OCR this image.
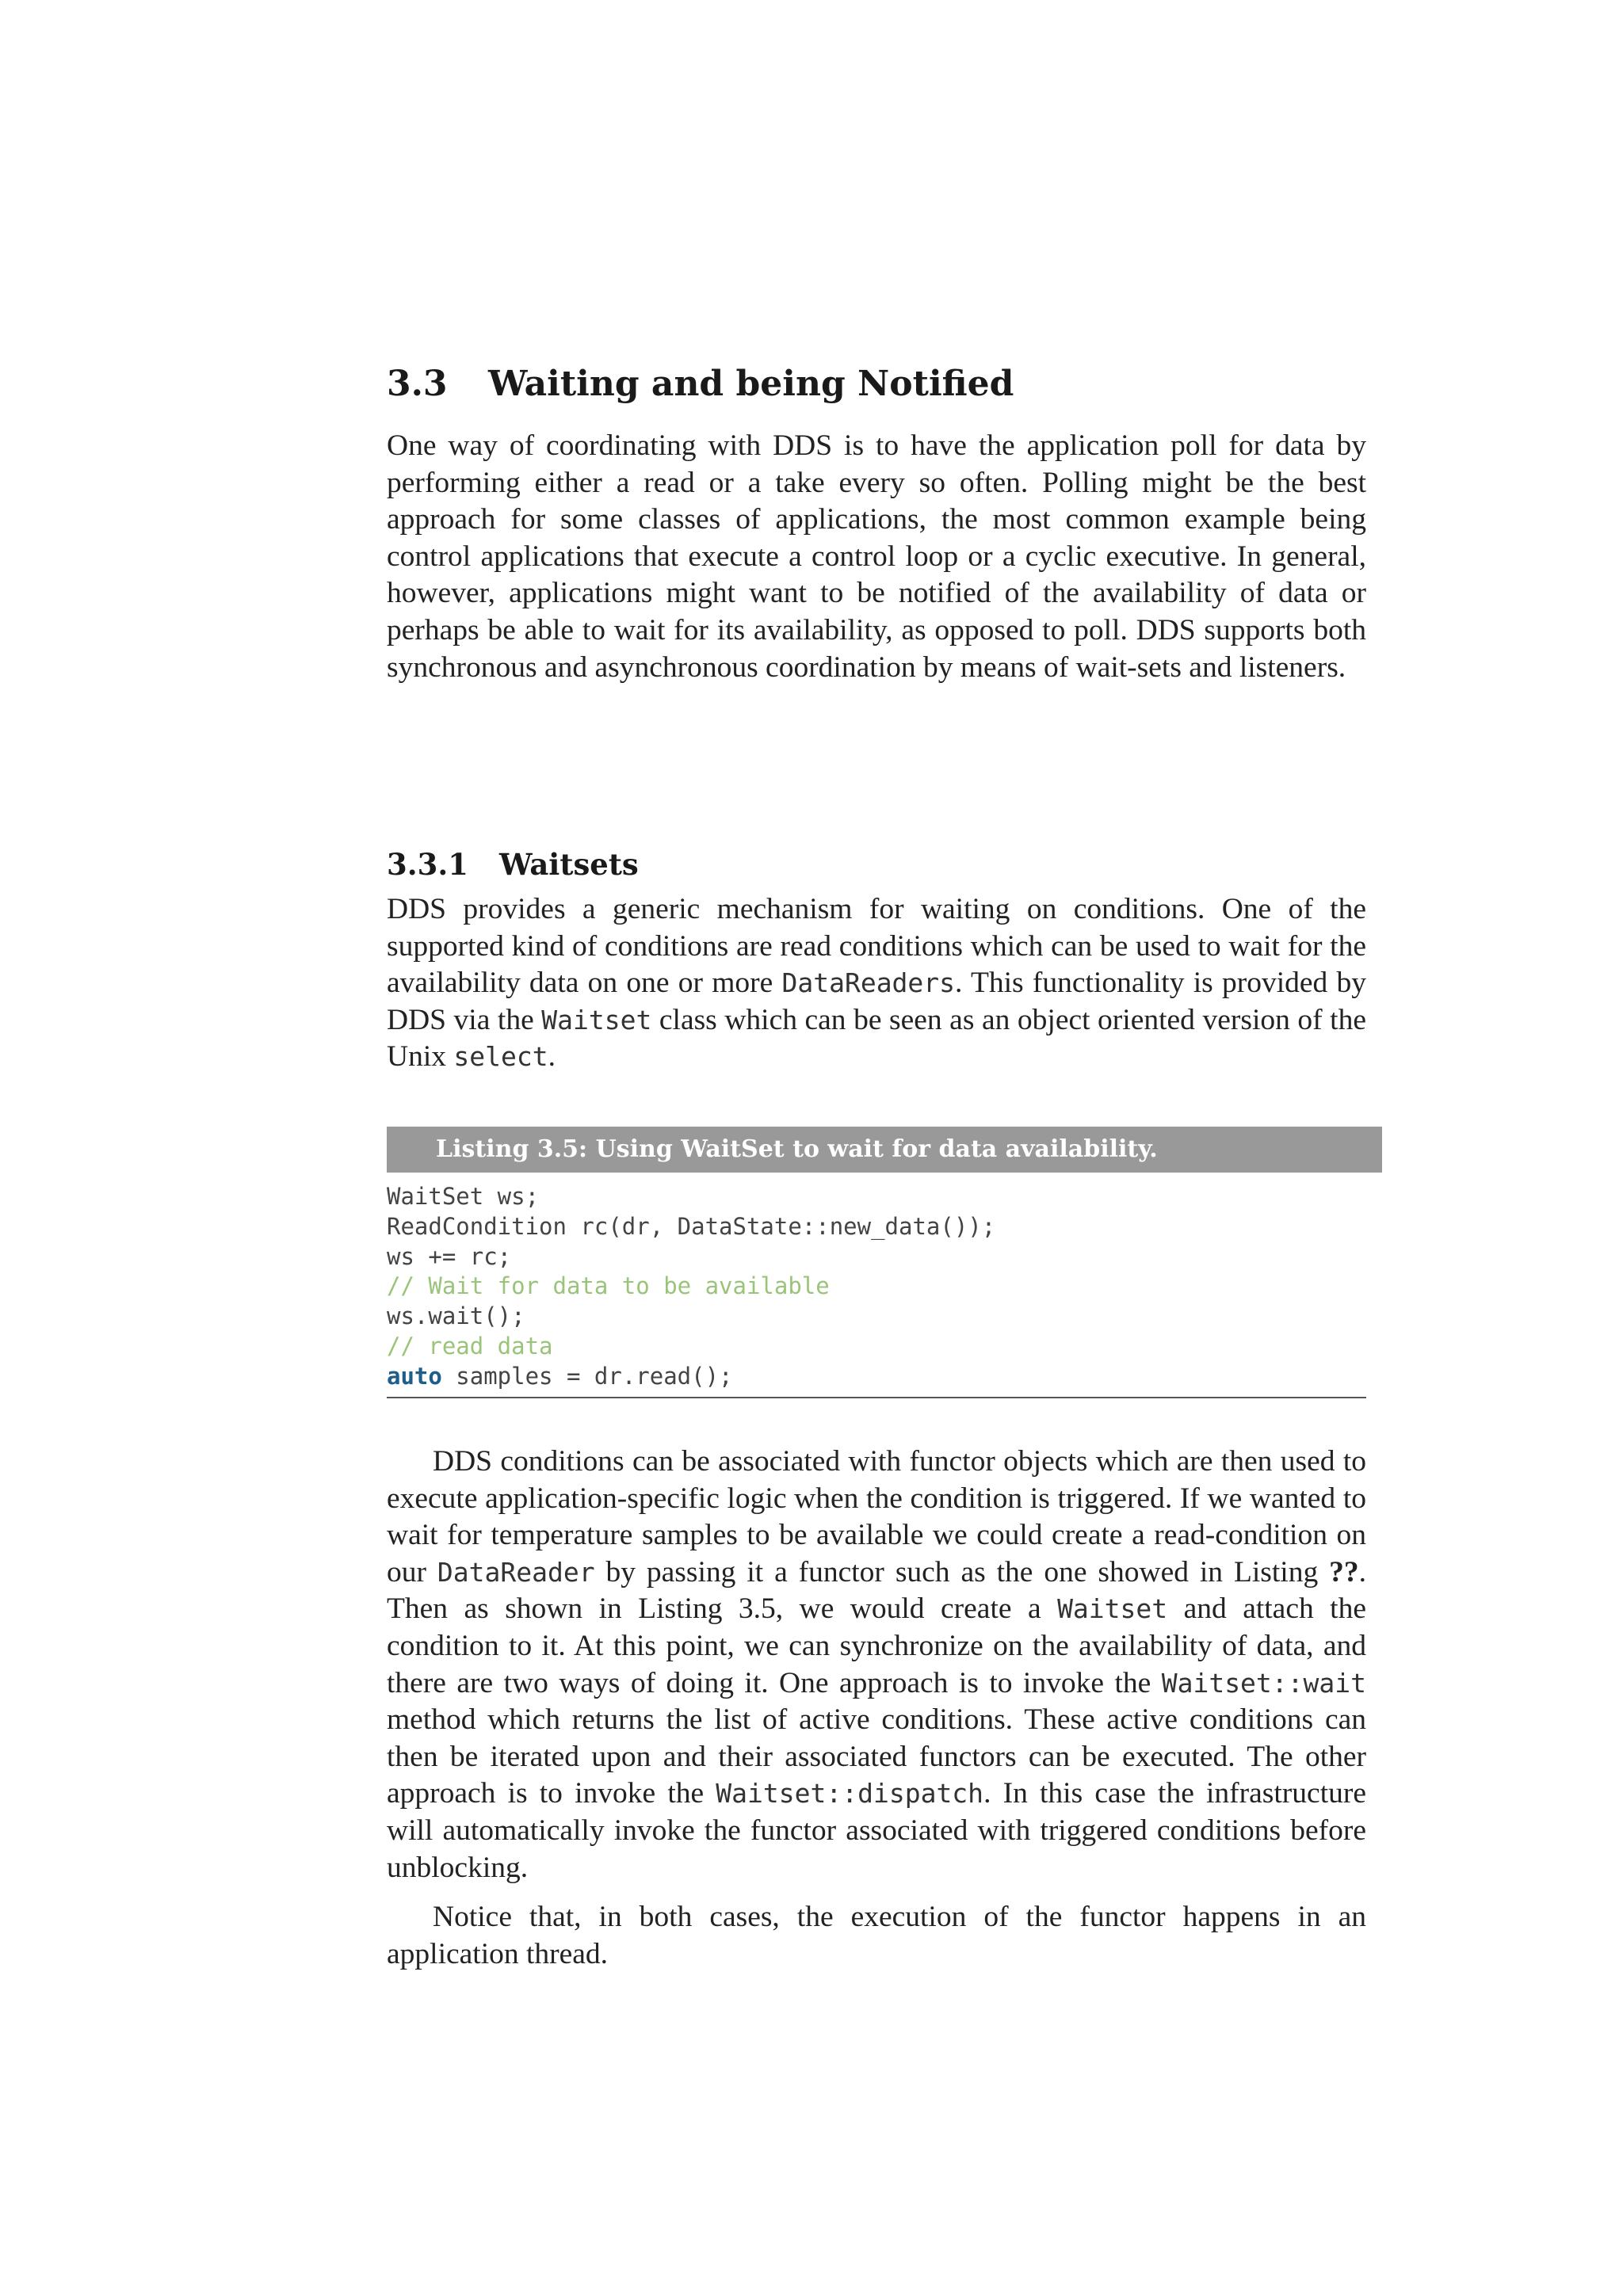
3.3 Waiting and being Notified

One way of coordinating with DDS is to have the application poll for data by performing either a read or a take every so often. Polling might be the best approach for some classes of applications, the most common example being control applications that execute a control loop or a cyclic executive. In general, however, applications might want to be notified of the availability of data or perhaps be able to wait for its availability, as opposed to poll. DDS supports both synchronous and asynchronous coordination by means of wait-sets and listeners.

3.3.1 Waitsets

DDS provides a generic mechanism for waiting on conditions. One of the supported kind of conditions are read conditions which can be used to wait for the availability data on one or more DataReaders. This functionality is provided by DDS via the Waitset class which can be seen as an object oriented version of the Unix select.

Listing 3.5: Using WaitSet to wait for data availability.
WaitSet ws;
ReadCondition rc(dr, DataState::new_data());
ws += rc;
// Wait for data to be available
ws.wait();
// read data
auto samples = dr.read();

DDS conditions can be associated with functor objects which are then used to execute application-specific logic when the condition is triggered. If we wanted to wait for temperature samples to be available we could create a read-condition on our DataReader by passing it a functor such as the one showed in Listing ??. Then as shown in Listing 3.5, we would create a Waitset and attach the condition to it. At this point, we can synchronize on the availability of data, and there are two ways of doing it. One approach is to invoke the Waitset::wait method which returns the list of active conditions. These active conditions can then be iterated upon and their associated functors can be executed. The other approach is to invoke the Waitset::dispatch. In this case the infrastructure will automatically invoke the functor associated with triggered conditions before unblocking.

Notice that, in both cases, the execution of the functor happens in an application thread.
